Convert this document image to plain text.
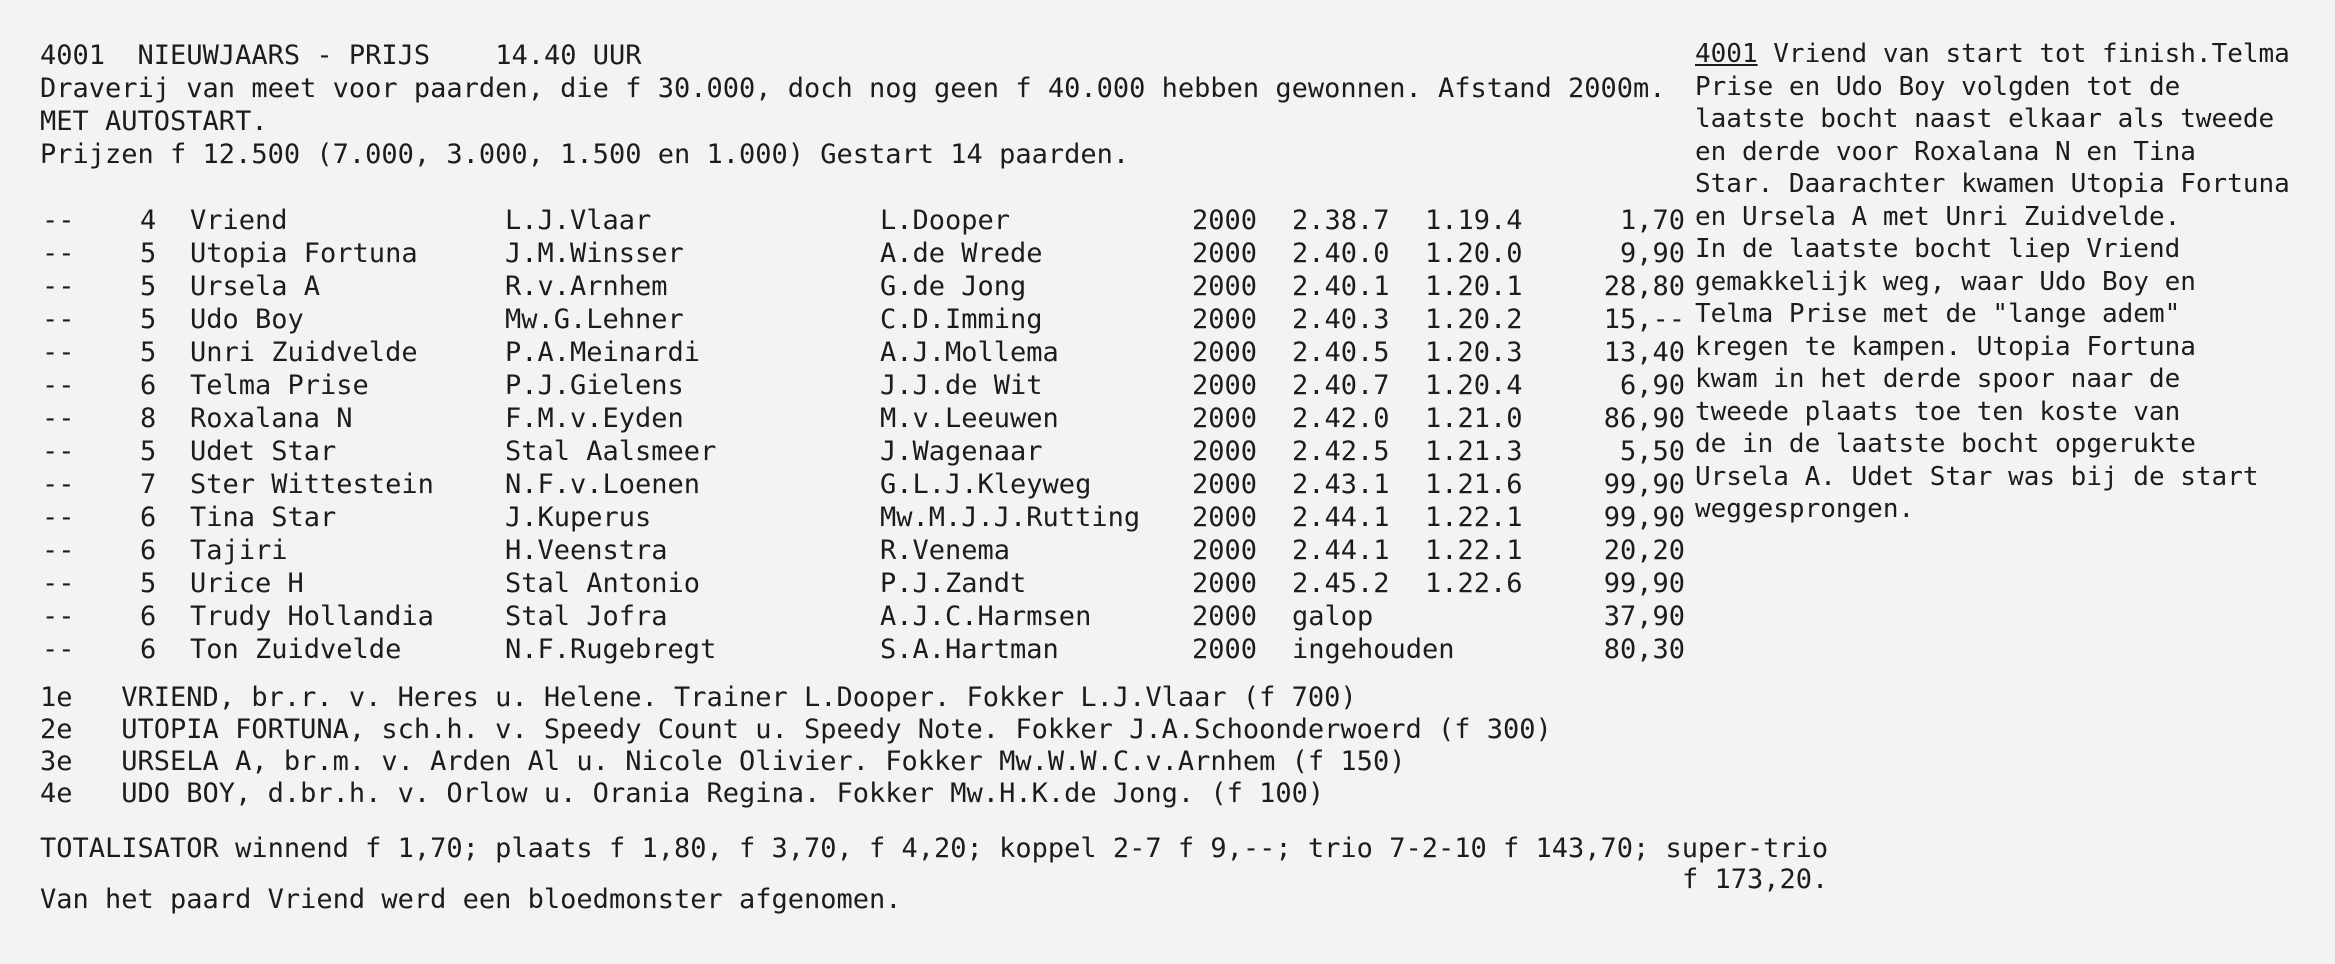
4001 NIEUWJAARS - PRIJS 14.40 UUR
Draverij van meet voor paarden, die f 30.000, doch nog geen f 40.000 hebben gewonnen. Afstand 2000m.
MET AUTOSTART.
Prijzen f 12.500 (7.000, 3.000, 1.500 en 1.000) Gestart 14 paarden.
-- 4 Vriend	L.J.Vlaar	L.Dooper	2000 2.38.7 1.19.4	1,70
-- 5 Utopia Fortuna	J.M.Winsser	A.de Wrede	2000 2.40.0 1.20.0	9,90
-- 5 Ursela A	R.v.Arnhem	G.de Jong	2000 2.40.1 1.20.1	28,80
-- 5 Udo Boy	Mw.G.Lehner	C.D.Imming	2000 2.40.3 1.20.2	15,--
-- 5 Unri Zuidvelde	P.A.Meinardi	A.J.Mollema	2000 2.40.5 1.20.3	13,40
-- 6 Telma Prise	P.J.Gielens	J.J.de Wit	2000 2.40.7 1.20.4	6,90
-- 8 Roxalana N	F.M.v.Eyden	M.v.Leeuwen	2000 2.42.0 1.21.0	86,90
-- 5 Udet Star	Stal Aalsmeer	J.Wagenaar	2000 2.42.5 1.21.3	5,50
-- 7 Ster Wittestein	N.F.v.Loenen	G.L.J.Kleyweg	2000 2.43.1 1.21.6	99,90
-- 6 Tina Star	J.Kuperus	Mw.M.J.J.Rutting 2000 2.44.1 1.22.1	99,90
-- 6 Tajiri	H.Veenstra	R.Venema	2000 2.44.1 1.22.1	20,20
-- 5 Urice H	Stal Antonio	P.J.Zandt	2000 2.45.2 1.22.6	99,90
-- 6 Trudy Hollandia	Stal Jofra	A.J.C.Harmsen	2000 galop	37,90
-- 6 Ton Zuidvelde	N.F.Rugebregt	S.A.Hartman	2000 ingehouden	80,30
1e   VRIEND, br.r. v. Heres u. Helene. Trainer L.Dooper. Fokker L.J.Vlaar (f 700)
2e   UTOPIA FORTUNA, sch.h. v. Speedy Count u. Speedy Note. Fokker J.A.Schoonderwoerd (f 300)
3e   URSELA A, br.m. v. Arden Al u. Nicole Olivier. Fokker Mw.W.W.C.v.Arnhem (f 150)
4e   UDO BOY, d.br.h. v. Orlow u. Orania Regina. Fokker Mw.H.K.de Jong. (f 100)
TOTALISATOR winnend f 1,70; plaats f 1,80, f 3,70, f 4,20; koppel 2-7 f 9,--; trio 7-2-10 f 143,70; super-trio
f 173,20.
Van het paard Vriend werd een bloedmonster afgenomen.
4001 Vriend van start tot finish.Telma
Prise en Udo Boy volgden tot de
laatste bocht naast elkaar als tweede
en derde voor Roxalana N en Tina
Star. Daarachter kwamen Utopia Fortuna
en Ursela A met Unri Zuidvelde.
In de laatste bocht liep Vriend
gemakkelijk weg, waar Udo Boy en
Telma Prise met de "lange adem"
kregen te kampen. Utopia Fortuna
kwam in het derde spoor naar de
tweede plaats toe ten koste van
de in de laatste bocht opgerukte
Ursela A. Udet Star was bij de start
weggesprongen.
